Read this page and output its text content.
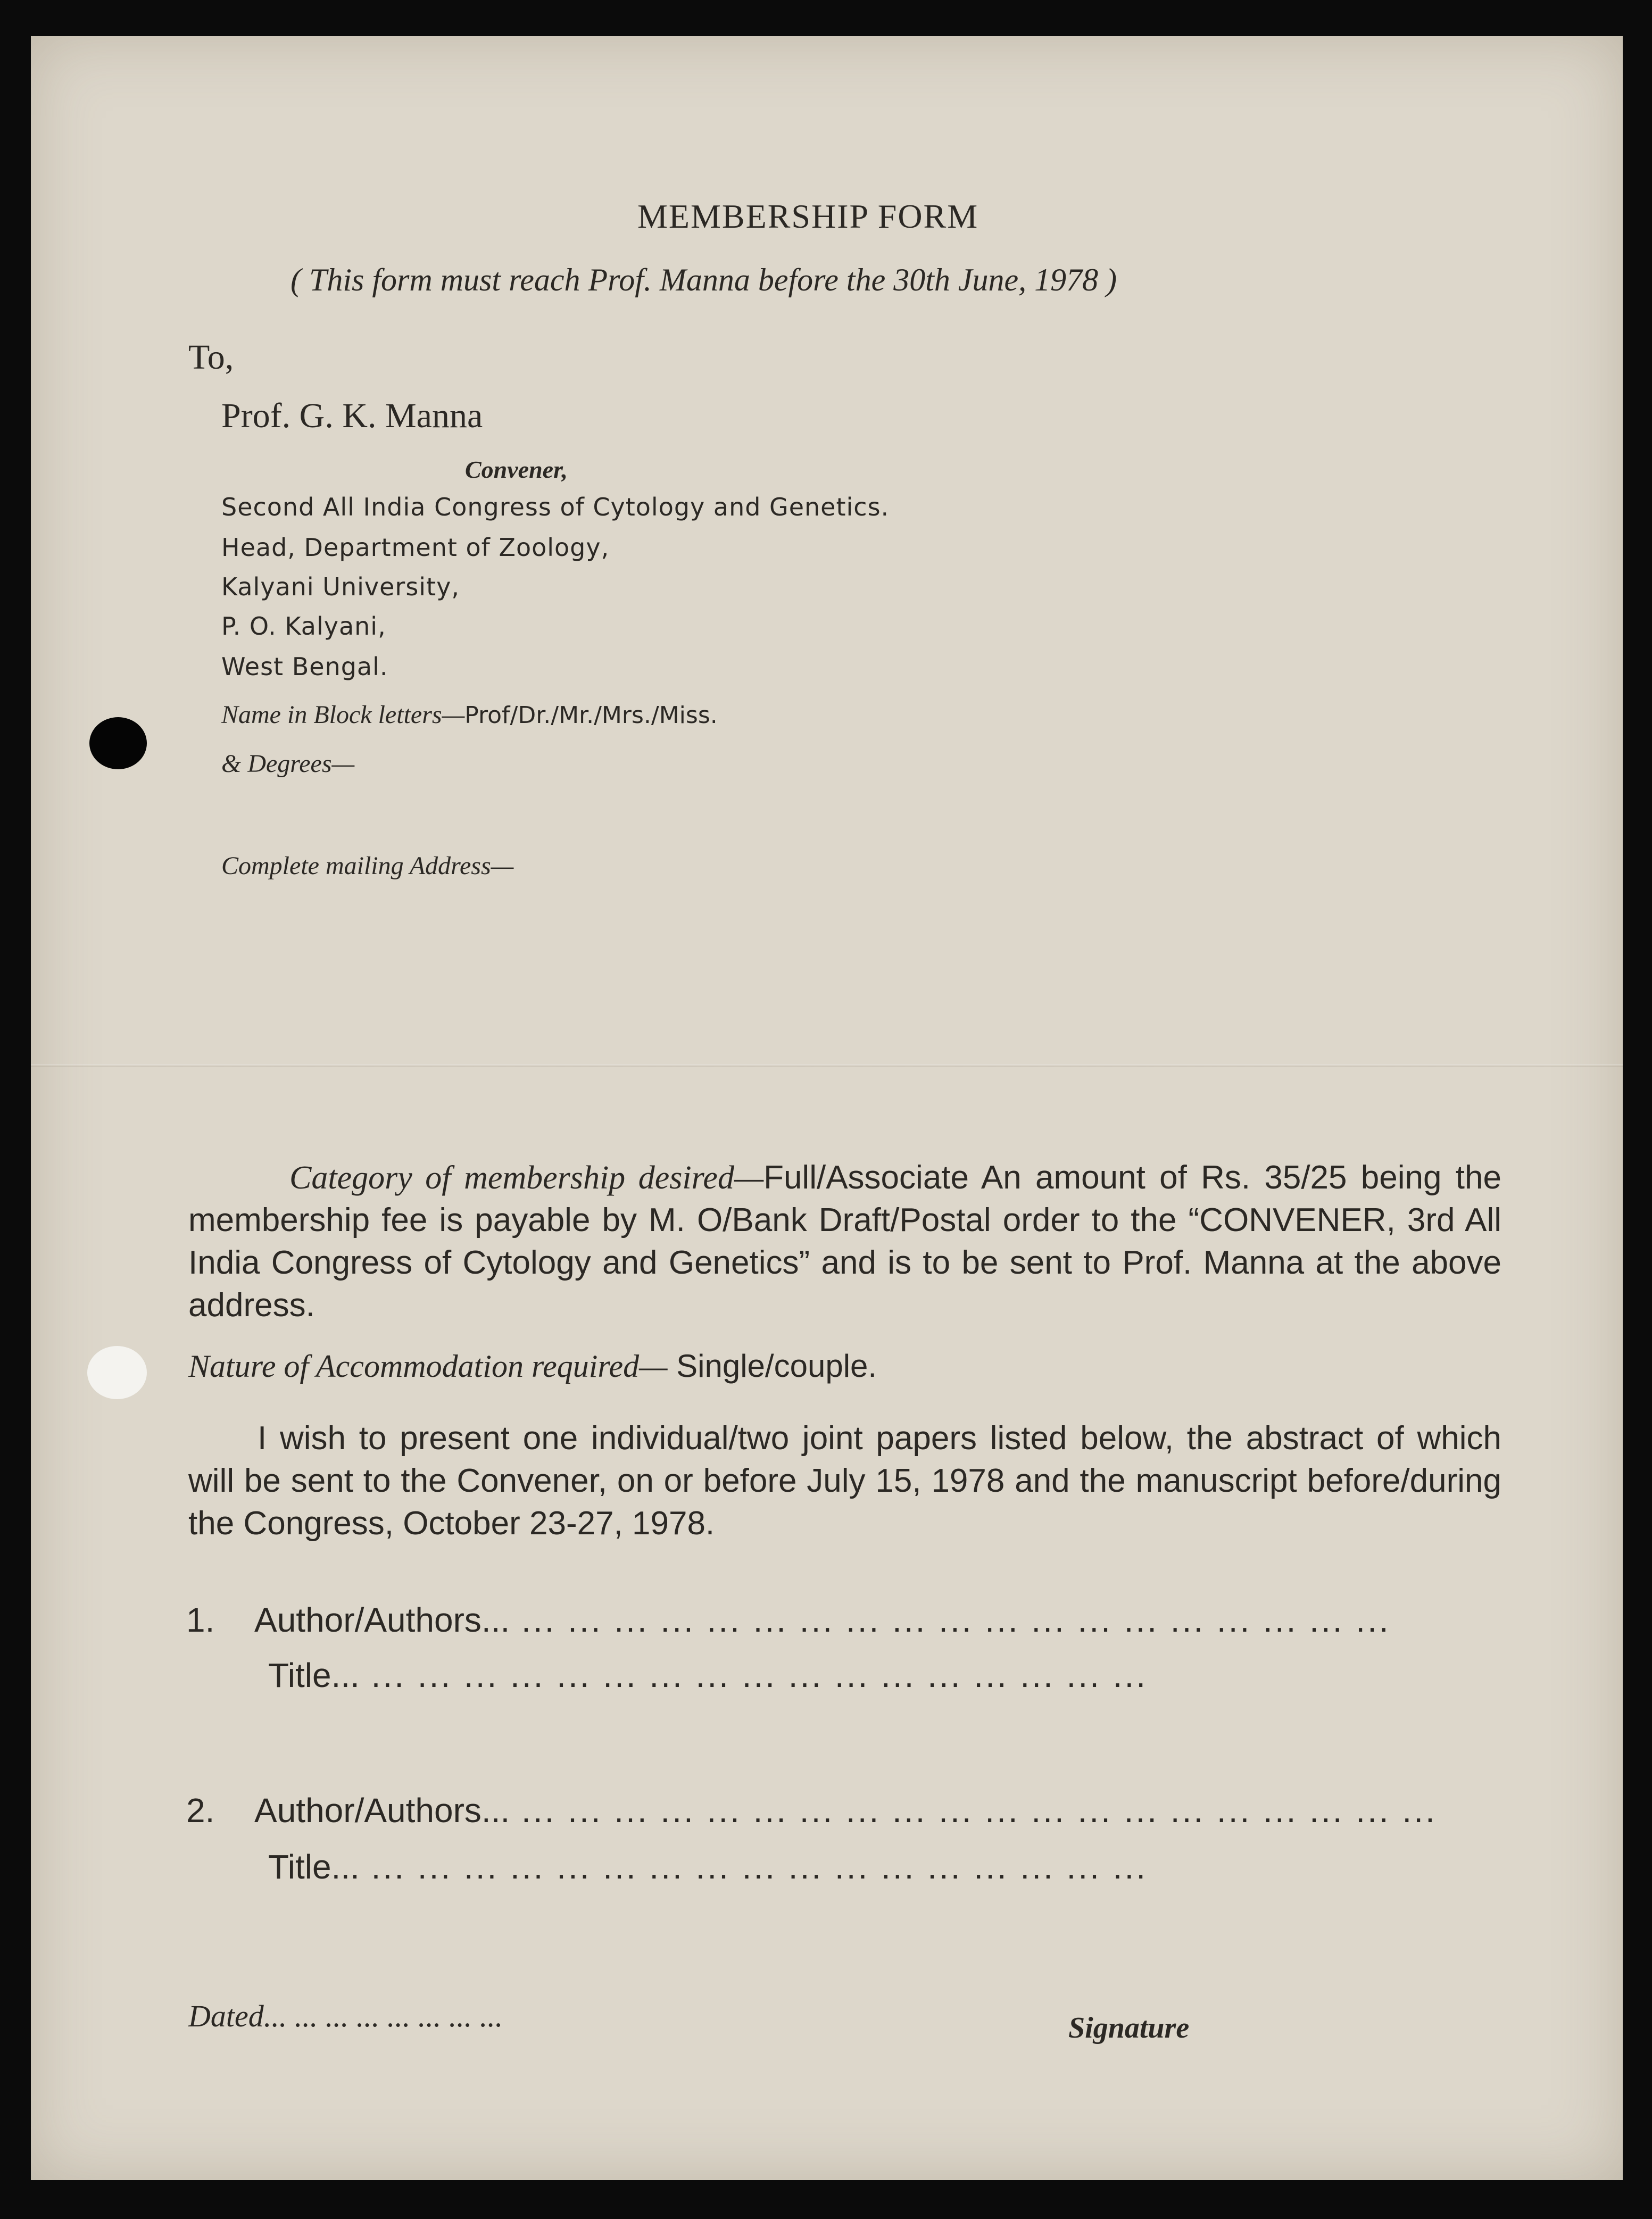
MEMBERSHIP FORM
( This form must reach Prof. Manna before the 30th June, 1978 )
To,
Prof. G. K. Manna
Convener,
Second All India Congress of Cytology and Genetics.
Head, Department of Zoology,
Kalyani University,
P. O. Kalyani,
West Bengal.
Name in Block letters—Prof/Dr./Mr./Mrs./Miss.
& Degrees—
Complete mailing Address—
Category of membership desired—Full/Associate An amount of Rs. 35/25 being the membership fee is payable by M. O/Bank Draft/Postal order to the “CONVENER, 3rd All India Congress of Cytology and Genetics” and is to be sent to Prof. Manna at the above address.
Nature of Accommodation required— Single/couple.
I wish to present one individual/two joint papers listed below, the abstract of which will be sent to the Convener, on or before July 15, 1978 and the manuscript before/during the Congress, October 23-27, 1978.
1. Author/Authors... ... ... ... ... ... ... ... ... ... ... ... ... ... ... ... ... ... ... ...
Title... ... ... ... ... ... ... ... ... ... ... ... ... ... ... ... ... ...
2. Author/Authors... ... ... ... ... ... ... ... ... ... ... ... ... ... ... ... ... ... ... ... ...
Title... ... ... ... ... ... ... ... ... ... ... ... ... ... ... ... ... ...
Dated... ... ... ... ... ... ... ...	Signature
